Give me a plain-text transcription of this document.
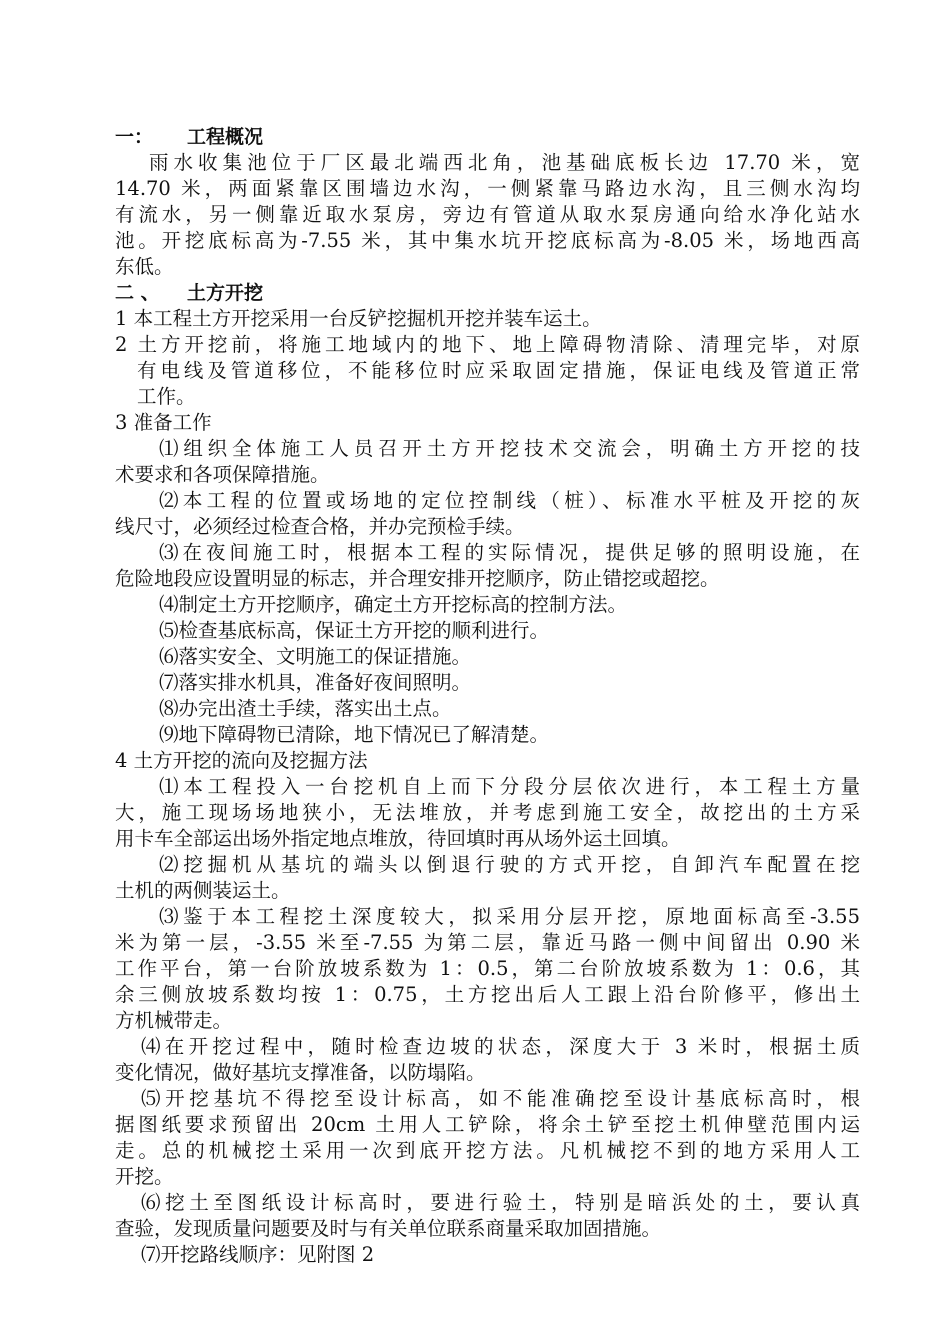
一： 工程概况
雨水收集池位于厂区最北端西北角，池基础底板长边 17.70 米，宽
14.70 米，两面紧靠区围墙边水沟，一侧紧靠马路边水沟，且三侧水沟均
有流水，另一侧靠近取水泵房，旁边有管道从取水泵房通向给水净化站水
池。开挖底标高为-7.55 米，其中集水坑开挖底标高为-8.05 米，场地西高
东低。
二 、 土方开挖
1 本工程土方开挖采用一台反铲挖掘机开挖并装车运土。
2 土方开挖前，将施工地域内的地下、地上障碍物清除、清理完毕，对原
有电线及管道移位，不能移位时应采取固定措施，保证电线及管道正常
工作。
3 准备工作
⑴组织全体施工人员召开土方开挖技术交流会，明确土方开挖的技
术要求和各项保障措施。
⑵本工程的位置或场地的定位控制线（桩）、标准水平桩及开挖的灰
线尺寸，必须经过检查合格，并办完预检手续。
⑶在夜间施工时，根据本工程的实际情况，提供足够的照明设施，在
危险地段应设置明显的标志，并合理安排开挖顺序，防止错挖或超挖。
⑷制定土方开挖顺序，确定土方开挖标高的控制方法。
⑸检查基底标高，保证土方开挖的顺利进行。
⑹落实安全、文明施工的保证措施。
⑺落实排水机具，准备好夜间照明。
⑻办完出渣土手续，落实出土点。
⑼地下障碍物已清除，地下情况已了解清楚。
4 土方开挖的流向及挖掘方法
⑴本工程投入一台挖机自上而下分段分层依次进行，本工程土方量
大，施工现场场地狭小，无法堆放，并考虑到施工安全，故挖出的土方采
用卡车全部运出场外指定地点堆放，待回填时再从场外运土回填。
⑵挖掘机从基坑的端头以倒退行驶的方式开挖，自卸汽车配置在挖
土机的两侧装运土。
⑶鉴于本工程挖土深度较大，拟采用分层开挖，原地面标高至-3.55
米为第一层，-3.55 米至-7.55 为第二层，靠近马路一侧中间留出 0.90 米
工作平台，第一台阶放坡系数为 1：0.5，第二台阶放坡系数为 1：0.6，其
余三侧放坡系数均按 1：0.75，土方挖出后人工跟上沿台阶修平，修出土
方机械带走。
⑷在开挖过程中，随时检查边坡的状态，深度大于 3 米时，根据土质
变化情况，做好基坑支撑准备，以防塌陷。
⑸开挖基坑不得挖至设计标高，如不能准确挖至设计基底标高时，根
据图纸要求预留出 20cm 土用人工铲除，将余土铲至挖土机伸壁范围内运
走。总的机械挖土采用一次到底开挖方法。凡机械挖不到的地方采用人工
开挖。
⑹挖土至图纸设计标高时，要进行验土，特别是暗浜处的土，要认真
查验，发现质量问题要及时与有关单位联系商量采取加固措施。
⑺开挖路线顺序：见附图 2
